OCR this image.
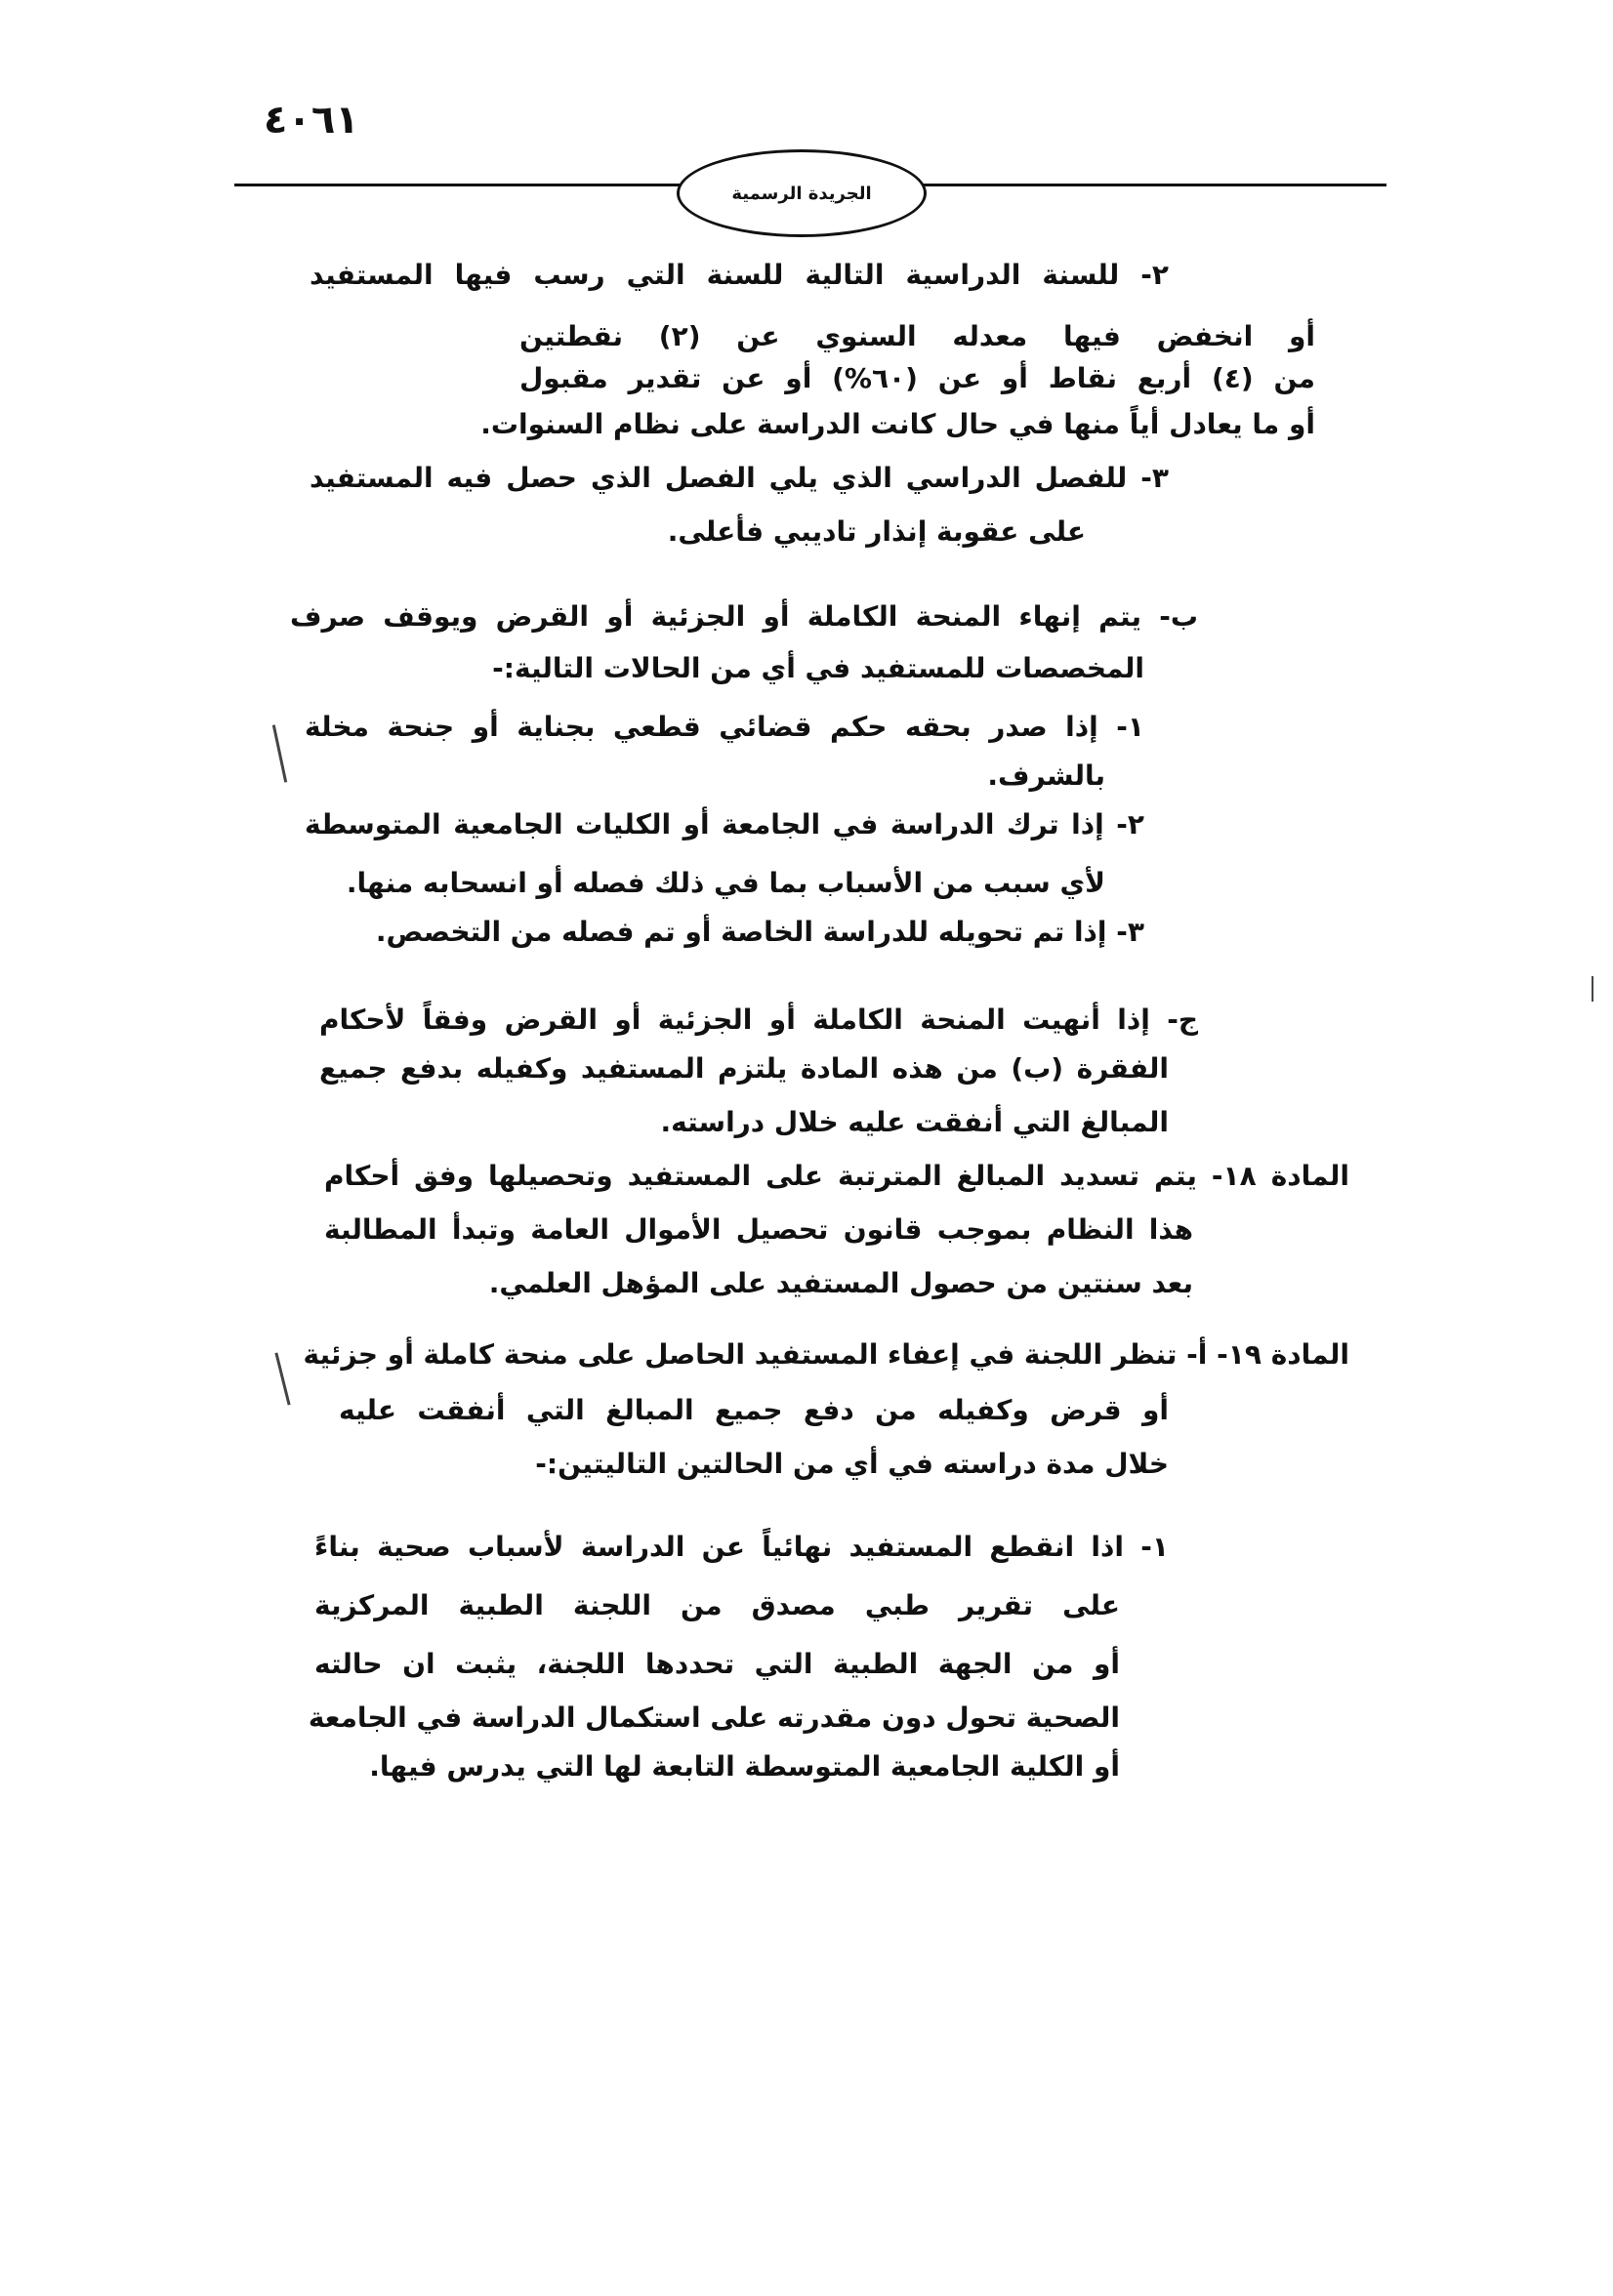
٤٠٦١
الجريدة الرسمية
٢- للسنة الدراسية التالية للسنة التي رسب فيها المستفيد
أو انخفض فيها معدله السنوي عن (٢) نقطتين
من (٤) أربع نقاط أو عن (٦٠%) أو عن تقدير مقبول
أو ما يعادل أياً منها في حال كانت الدراسة على نظام السنوات.
٣- للفصل الدراسي الذي يلي الفصل الذي حصل فيه المستفيد
على عقوبة إنذار تاديبي فأعلى.
ب- يتم إنهاء المنحة الكاملة أو الجزئية أو القرض ويوقف صرف
المخصصات للمستفيد في أي من الحالات التالية:-
١- إذا صدر بحقه حكم قضائي قطعي بجناية أو جنحة مخلة
بالشرف.
٢- إذا ترك الدراسة في الجامعة أو الكليات الجامعية المتوسطة
لأي سبب من الأسباب بما في ذلك فصله أو انسحابه منها.
٣- إذا تم تحويله للدراسة الخاصة أو تم فصله من التخصص.
ج- إذا أنهيت المنحة الكاملة أو الجزئية أو القرض وفقاً لأحكام
الفقرة (ب) من هذه المادة يلتزم المستفيد وكفيله بدفع جميع
المبالغ التي أنفقت عليه خلال دراسته.
المادة ١٨- يتم تسديد المبالغ المترتبة على المستفيد وتحصيلها وفق أحكام
هذا النظام بموجب قانون تحصيل الأموال العامة وتبدأ المطالبة
بعد سنتين من حصول المستفيد على المؤهل العلمي.
المادة ١٩- أ- تنظر اللجنة في إعفاء المستفيد الحاصل على منحة كاملة أو جزئية
أو قرض وكفيله من دفع جميع المبالغ التي أنفقت عليه
خلال مدة دراسته في أي من الحالتين التاليتين:-
١- اذا انقطع المستفيد نهائياً عن الدراسة لأسباب صحية بناءً
على تقرير طبي مصدق من اللجنة الطبية المركزية
أو من الجهة الطبية التي تحددها اللجنة، يثبت ان حالته
الصحية تحول دون مقدرته على استكمال الدراسة في الجامعة
أو الكلية الجامعية المتوسطة التابعة لها التي يدرس فيها.
